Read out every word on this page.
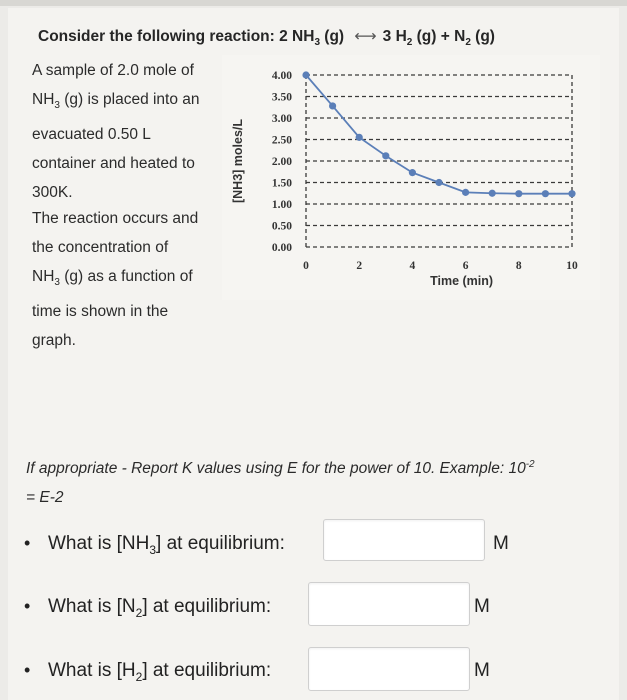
Consider the following reaction: 2 $NH_3$ (g) ⟷ 3 $H_2$ $(g) + N_2$ (g)
A sample of 2.0 mole of
$NH_3$ (g) is placed into an
evacuated 0.50 L
container and heated to
300K.
The reaction occurs and
the concentration of
$NH_3$ (g) as a function of
time is shown in the
graph.
4.00
3.50
3.00
2.50
2.00
1.50
1.00
0.50
0.00
0	2	4	6	8	10
Time (min)
[NH3] moles/L
If appropriate - Report K values using E for the power of 10. Example: $10^{-2}$
= E-2
• What is $[NH_3]$ at equilibrium:	M
• What is $[N_2]$ at equilibrium:	M
• What is $[H_2]$ at equilibrium:	M
